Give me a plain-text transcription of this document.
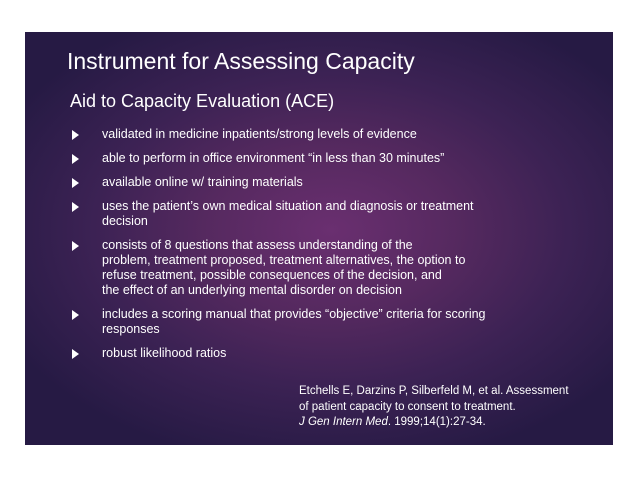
Instrument for Assessing Capacity
Aid to Capacity Evaluation (ACE)
validated in medicine inpatients/strong levels of evidence
able to perform in office environment “in less than 30 minutes”
available online w/ training materials
uses the patient’s own medical situation and diagnosis or treatment
decision
consists of 8 questions that assess understanding of the
problem, treatment proposed, treatment alternatives, the option to
refuse treatment, possible consequences of the decision, and
the effect of an underlying mental disorder on decision
includes a scoring manual that provides “objective” criteria for scoring
responses
robust likelihood ratios
Etchells E, Darzins P, Silberfeld M, et al. Assessment
of patient capacity to consent to treatment.
J Gen Intern Med. 1999;14(1):27-34.
